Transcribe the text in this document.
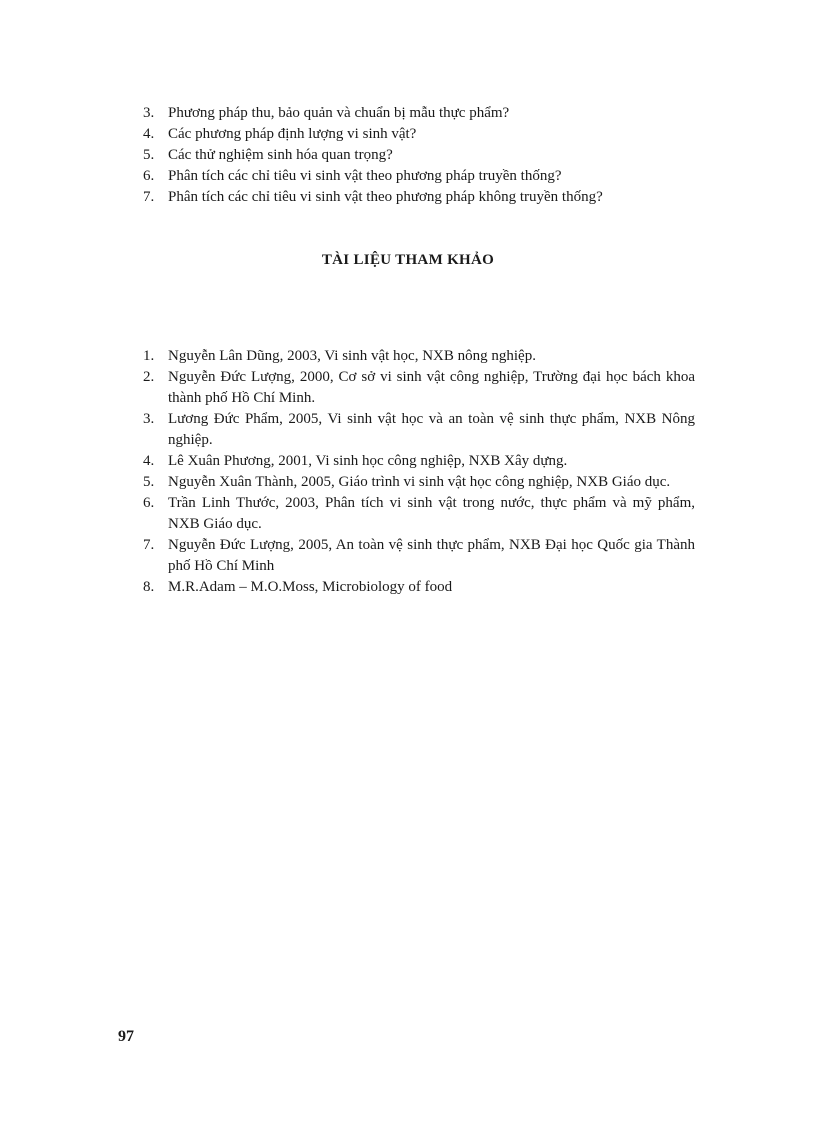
3. Phương pháp thu, bảo quản và chuẩn bị mẫu thực phẩm?
4. Các phương pháp định lượng vi sinh vật?
5. Các thử nghiệm sinh hóa quan trọng?
6. Phân tích các chỉ tiêu vi sinh vật theo phương pháp truyền thống?
7. Phân tích các chỉ tiêu vi sinh vật theo phương pháp không truyền thống?
TÀI LIỆU THAM KHẢO
1. Nguyễn Lân Dũng, 2003, Vi sinh vật học, NXB nông nghiệp.
2. Nguyễn Đức Lượng, 2000, Cơ sở vi sinh vật công nghiệp, Trường đại học bách khoa thành phố Hồ Chí Minh.
3. Lương Đức Phẩm, 2005, Vi sinh vật học và an toàn vệ sinh thực phẩm, NXB Nông nghiệp.
4. Lê Xuân Phương, 2001, Vi sinh học công nghiệp, NXB Xây dựng.
5. Nguyễn Xuân Thành, 2005, Giáo trình vi sinh vật học công nghiệp, NXB Giáo dục.
6. Trần Linh Thước, 2003, Phân tích vi sinh vật trong nước, thực phẩm và mỹ phẩm, NXB Giáo dục.
7. Nguyễn Đức Lượng, 2005, An toàn vệ sinh thực phẩm, NXB Đại học Quốc gia Thành phố Hồ Chí Minh
8. M.R.Adam – M.O.Moss, Microbiology of food
97
